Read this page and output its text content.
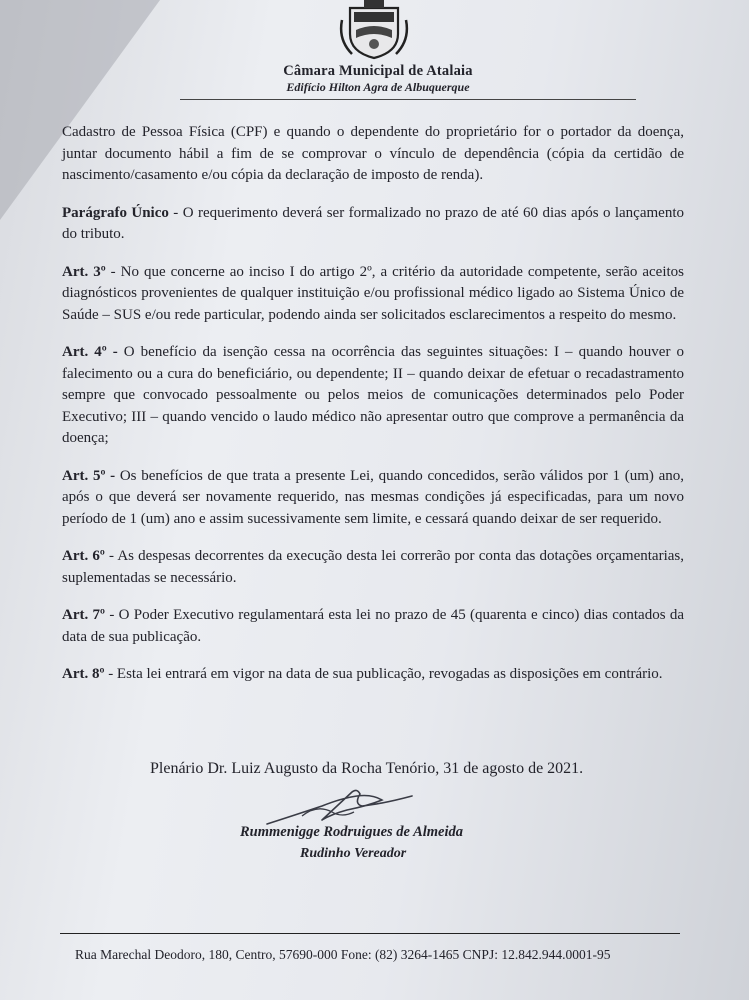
Câmara Municipal de Atalaia
Edifício Hilton Agra de Albuquerque

Cadastro de Pessoa Física (CPF) e quando o dependente do proprietário for o portador da doença, juntar documento hábil a fim de se comprovar o vínculo de dependência (cópia da certidão de nascimento/casamento e/ou cópia da declaração de imposto de renda).

Parágrafo Único - O requerimento deverá ser formalizado no prazo de até 60 dias após o lançamento do tributo.

Art. 3º - No que concerne ao inciso I do artigo 2º, a critério da autoridade competente, serão aceitos diagnósticos provenientes de qualquer instituição e/ou profissional médico ligado ao Sistema Único de Saúde – SUS e/ou rede particular, podendo ainda ser solicitados esclarecimentos a respeito do mesmo.

Art. 4º - O benefício da isenção cessa na ocorrência das seguintes situações: I – quando houver o falecimento ou a cura do beneficiário, ou dependente; II – quando deixar de efetuar o recadastramento sempre que convocado pessoalmente ou pelos meios de comunicações determinados pelo Poder Executivo; III – quando vencido o laudo médico não apresentar outro que comprove a permanência da doença;

Art. 5º - Os benefícios de que trata a presente Lei, quando concedidos, serão válidos por 1 (um) ano, após o que deverá ser novamente requerido, nas mesmas condições já especificadas, para um novo período de 1 (um) ano e assim sucessivamente sem limite, e cessará quando deixar de ser requerido.

Art. 6º - As despesas decorrentes da execução desta lei correrão por conta das dotações orçamentarias, suplementadas se necessário.

Art. 7º - O Poder Executivo regulamentará esta lei no prazo de 45 (quarenta e cinco) dias contados da data de sua publicação.

Art. 8º - Esta lei entrará em vigor na data de sua publicação, revogadas as disposições em contrário.

Plenário Dr. Luiz Augusto da Rocha Tenório, 31 de agosto de 2021.
Rummenigge Rodruigues de Almeida
Rudinho Vereador
Rua Marechal Deodoro, 180, Centro, 57690-000 Fone: (82) 3264-1465 CNPJ: 12.842.944.0001-95
